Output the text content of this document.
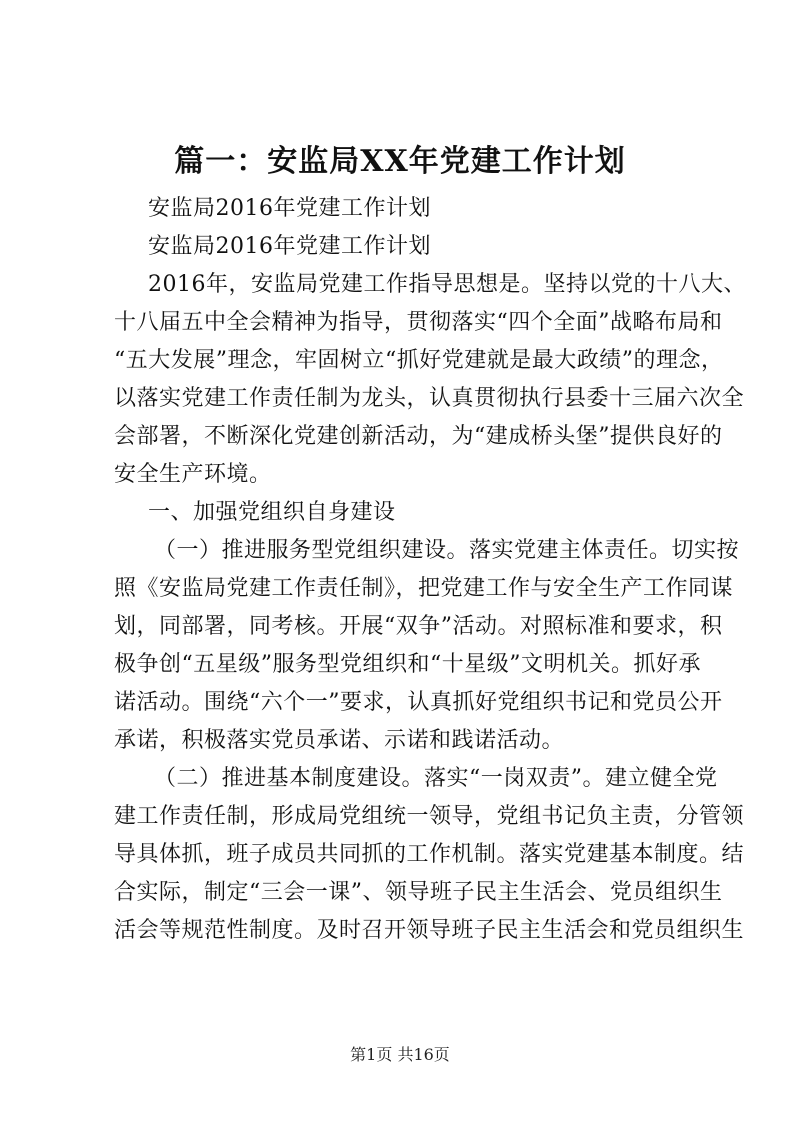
篇一：安监局XX年党建工作计划
安监局2016年党建工作计划
安监局2016年党建工作计划
2016年，安监局党建工作指导思想是。坚持以党的十八大、
十八届五中全会精神为指导，贯彻落实“四个全面”战略布局和
“五大发展”理念，牢固树立“抓好党建就是最大政绩”的理念，
以落实党建工作责任制为龙头，认真贯彻执行县委十三届六次全
会部署，不断深化党建创新活动，为“建成桥头堡”提供良好的
安全生产环境。
一、加强党组织自身建设
（一）推进服务型党组织建设。落实党建主体责任。切实按
照《安监局党建工作责任制》，把党建工作与安全生产工作同谋
划，同部署，同考核。开展“双争”活动。对照标准和要求，积
极争创“五星级”服务型党组织和“十星级”文明机关。抓好承
诺活动。围绕“六个一”要求，认真抓好党组织书记和党员公开
承诺，积极落实党员承诺、示诺和践诺活动。
（二）推进基本制度建设。落实“一岗双责”。建立健全党
建工作责任制，形成局党组统一领导，党组书记负主责，分管领
导具体抓，班子成员共同抓的工作机制。落实党建基本制度。结
合实际，制定“三会一课”、领导班子民主生活会、党员组织生
活会等规范性制度。及时召开领导班子民主生活会和党员组织生
第1页 共16页
